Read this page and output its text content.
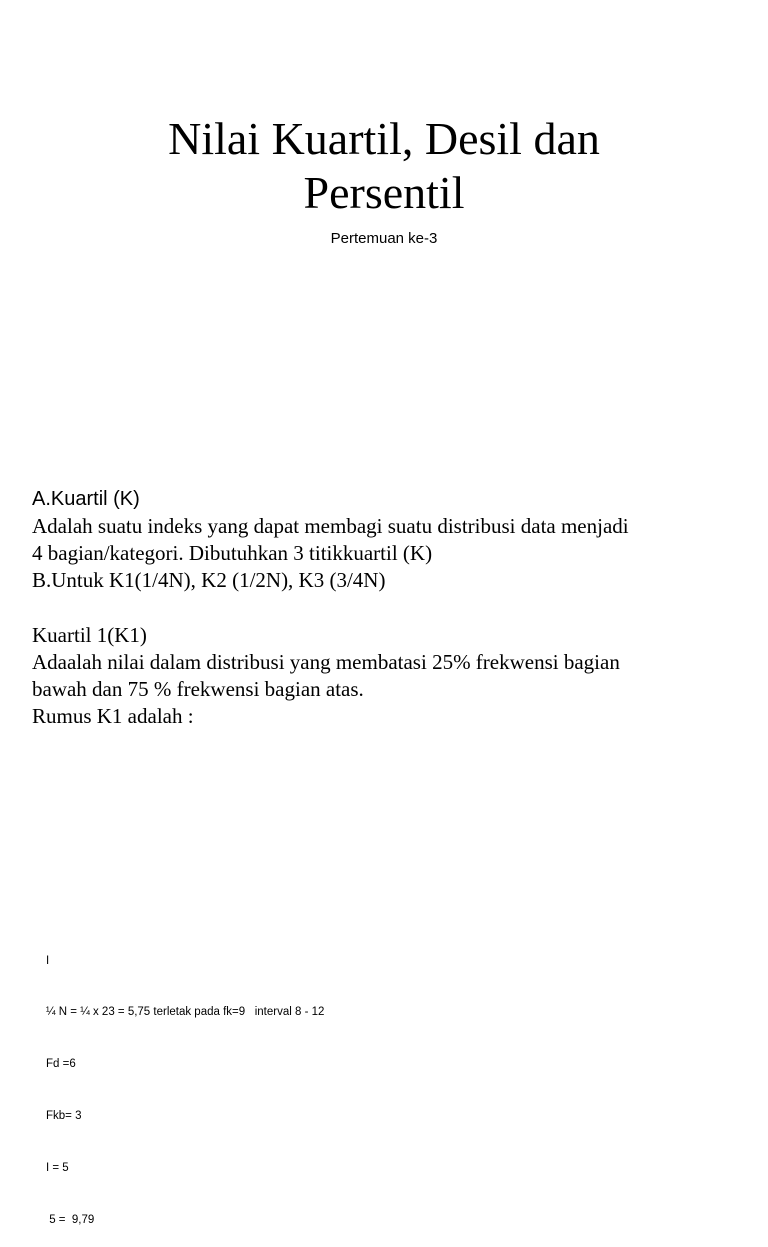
Nilai Kuartil, Desil dan
Persentil
Pertemuan ke-3
A.Kuartil (K)
Adalah suatu indeks yang dapat membagi suatu distribusi data menjadi
4 bagian/kategori. Dibutuhkan 3 titikkuartil (K)
B.Untuk K1(1/4N), K2 (1/2N), K3 (3/4N)
Kuartil 1(K1)
Adaalah nilai dalam distribusi yang membatasi 25% frekwensi bagian
bawah dan 75 % frekwensi bagian atas.
Rumus K1 adalah :

I

¼ N = ¼ x 23 = 5,75 terletak pada fk=9   interval 8 - 12

Fd =6

Fkb= 3

I = 5

5 =  9,79
